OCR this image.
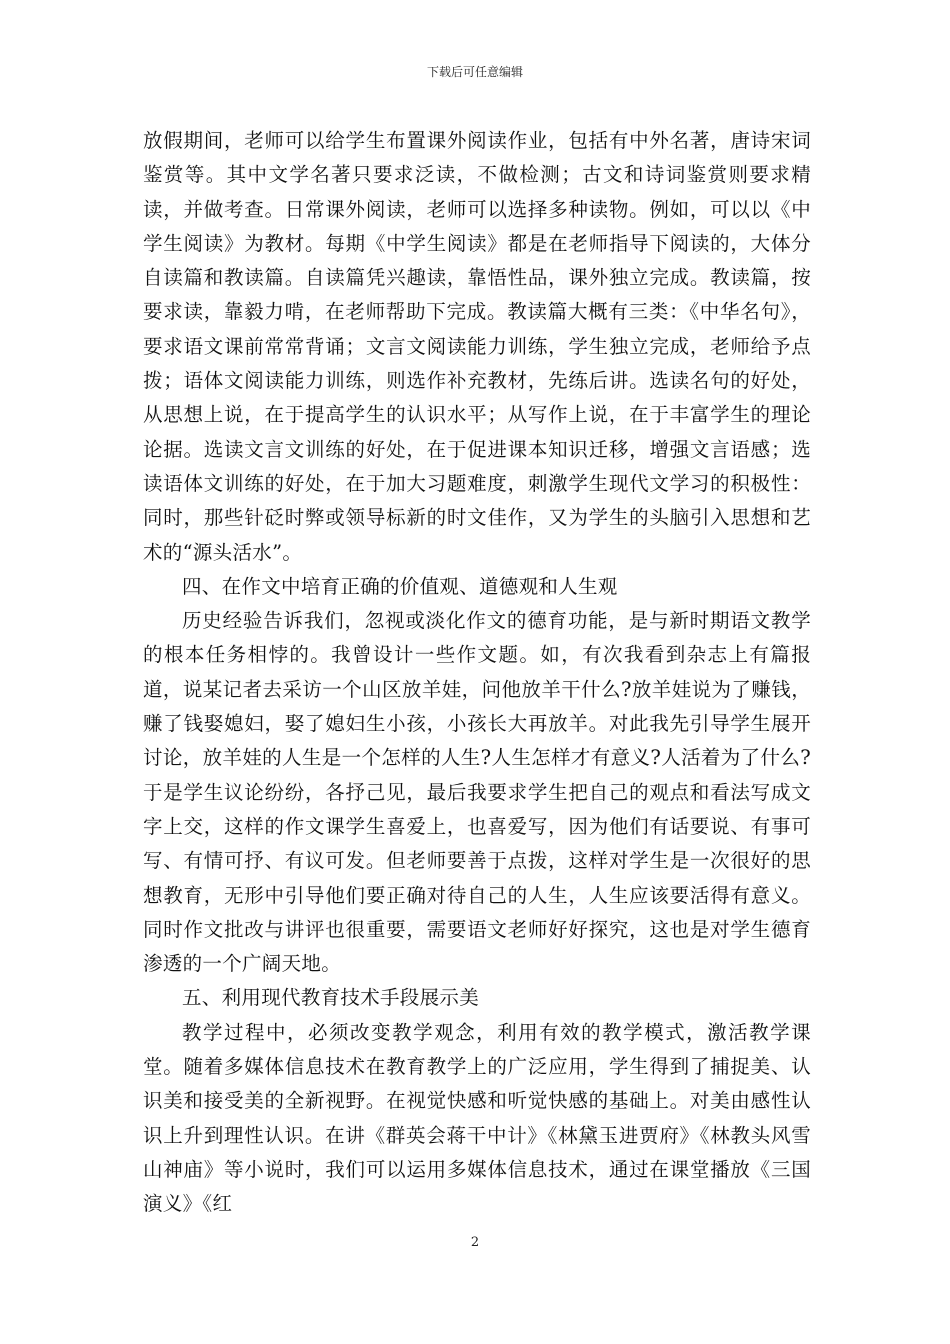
下载后可任意编辑

放假期间，老师可以给学生布置课外阅读作业，包括有中外名著，唐诗宋词鉴赏等。其中文学名著只要求泛读，不做检测；古文和诗词鉴赏则要求精读，并做考查。日常课外阅读，老师可以选择多种读物。例如，可以以《中学生阅读》为教材。每期《中学生阅读》都是在老师指导下阅读的，大体分自读篇和教读篇。自读篇凭兴趣读，靠悟性品，课外独立完成。教读篇，按要求读，靠毅力啃，在老师帮助下完成。教读篇大概有三类：《中华名句》，要求语文课前常常背诵；文言文阅读能力训练，学生独立完成，老师给予点拨；语体文阅读能力训练，则选作补充教材，先练后讲。选读名句的好处，从思想上说，在于提高学生的认识水平；从写作上说，在于丰富学生的理论论据。选读文言文训练的好处，在于促进课本知识迁移，增强文言语感；选读语体文训练的好处，在于加大习题难度，刺激学生现代文学习的积极性：同时，那些针砭时弊或领导标新的时文佳作，又为学生的头脑引入思想和艺术的“源头活水”。

四、在作文中培育正确的价值观、道德观和人生观

历史经验告诉我们，忽视或淡化作文的德育功能，是与新时期语文教学的根本任务相悖的。我曾设计一些作文题。如，有次我看到杂志上有篇报道，说某记者去采访一个山区放羊娃，问他放羊干什么?放羊娃说为了赚钱，赚了钱娶媳妇，娶了媳妇生小孩，小孩长大再放羊。对此我先引导学生展开讨论，放羊娃的人生是一个怎样的人生?人生怎样才有意义?人活着为了什么?于是学生议论纷纷，各抒己见，最后我要求学生把自己的观点和看法写成文字上交，这样的作文课学生喜爱上，也喜爱写，因为他们有话要说、有事可写、有情可抒、有议可发。但老师要善于点拨，这样对学生是一次很好的思想教育，无形中引导他们要正确对待自己的人生，人生应该要活得有意义。同时作文批改与讲评也很重要，需要语文老师好好探究，这也是对学生德育渗透的一个广阔天地。

五、利用现代教育技术手段展示美

教学过程中，必须改变教学观念，利用有效的教学模式，激活教学课堂。随着多媒体信息技术在教育教学上的广泛应用，学生得到了捕捉美、认识美和接受美的全新视野。在视觉快感和听觉快感的基础上。对美由感性认识上升到理性认识。在讲《群英会蒋干中计》《林黛玉进贾府》《林教头风雪山神庙》等小说时，我们可以运用多媒体信息技术，通过在课堂播放《三国演义》《红

2
